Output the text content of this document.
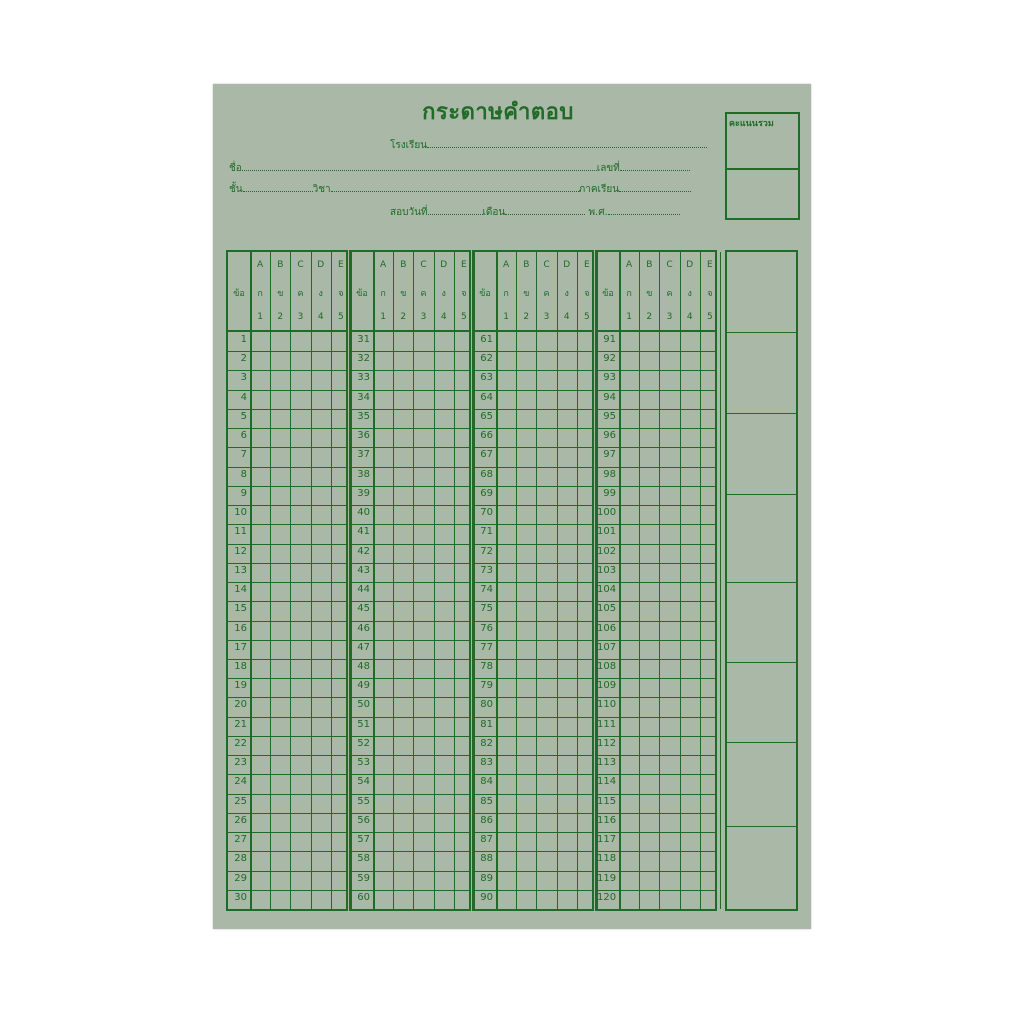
กระดาษคำตอบ
โรงเรียน
ชื่อ	เลขที่
ชั้น	วิชา	ภาคเรียน
สอบวันที่	เดือน	พ.ศ.
คะแนนรวม
ข้อ
A	B	C	D	E
ก	ข	ค	ง	จ
1	2	3	4	5
1
2
3
4
5
6
7
8
9
10
11
12
13
14
15
16
17
18
19
20
21
22
23
24
25
26
27
28
29
30
ข้อ
A	B	C	D	E
ก	ข	ค	ง	จ
1	2	3	4	5
31
32
33
34
35
36
37
38
39
40
41
42
43
44
45
46
47
48
49
50
51
52
53
54
55
56
57
58
59
60
ข้อ
A	B	C	D	E
ก	ข	ค	ง	จ
1	2	3	4	5
61
62
63
64
65
66
67
68
69
70
71
72
73
74
75
76
77
78
79
80
81
82
83
84
85
86
87
88
89
90
ข้อ
A	B	C	D	E
ก	ข	ค	ง	จ
1	2	3	4	5
91
92
93
94
95
96
97
98
99
100
101
102
103
104
105
106
107
108
109
110
111
112
113
114
115
116
117
118
119
120
